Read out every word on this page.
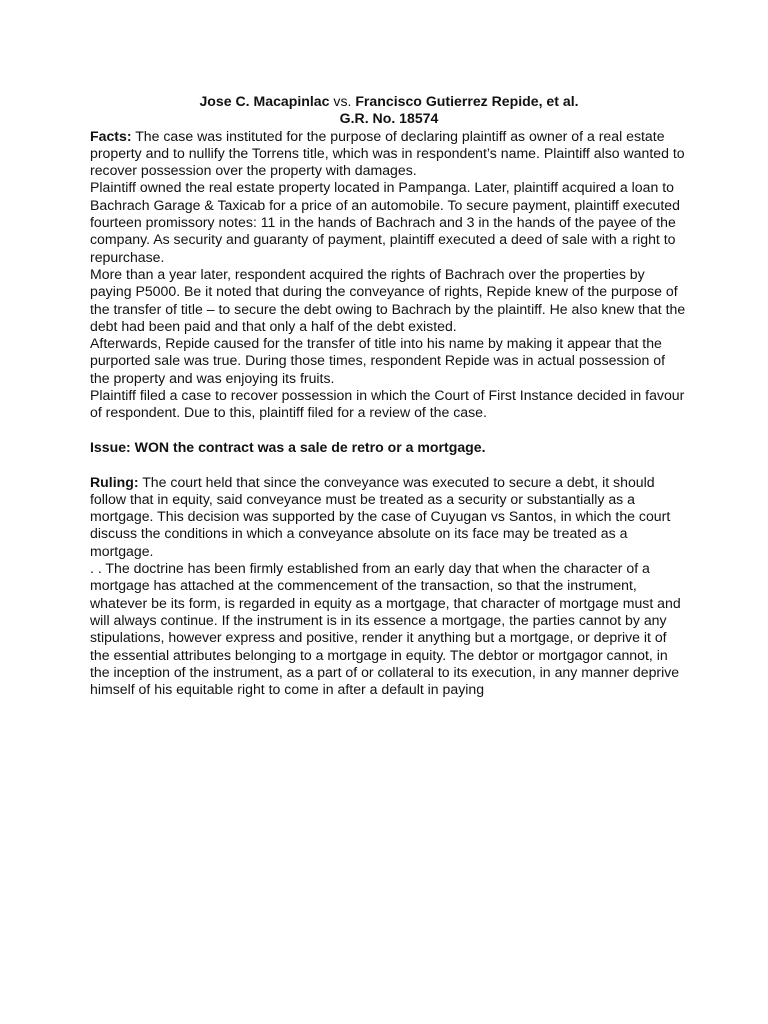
Jose C. Macapinlac vs. Francisco Gutierrez Repide, et al.

G.R. No. 18574

Facts: The case was instituted for the purpose of declaring plaintiff as owner of a real estate property and to nullify the Torrens title, which was in respondent’s name. Plaintiff also wanted to recover possession over the property with damages.

Plaintiff owned the real estate property located in Pampanga. Later, plaintiff acquired a loan to Bachrach Garage & Taxicab for a price of an automobile. To secure payment, plaintiff executed fourteen promissory notes: 11 in the hands of Bachrach and 3 in the hands of the payee of the company. As security and guaranty of payment, plaintiff executed a deed of sale with a right to repurchase.

More than a year later, respondent acquired the rights of Bachrach over the properties by paying P5000. Be it noted that during the conveyance of rights, Repide knew of the purpose of the transfer of title – to secure the debt owing to Bachrach by the plaintiff. He also knew that the debt had been paid and that only a half of the debt existed.

Afterwards, Repide caused for the transfer of title into his name by making it appear that the purported sale was true. During those times, respondent Repide was in actual possession of the property and was enjoying its fruits.

Plaintiff filed a case to recover possession in which the Court of First Instance decided in favour of respondent. Due to this, plaintiff filed for a review of the case.

Issue: WON the contract was a sale de retro or a mortgage.

Ruling: The court held that since the conveyance was executed to secure a debt, it should follow that in equity, said conveyance must be treated as a security or substantially as a mortgage. This decision was supported by the case of Cuyugan vs Santos, in which the court discuss the conditions in which a conveyance absolute on its face may be treated as a mortgage.

. . The doctrine has been firmly established from an early day that when the character of a mortgage has attached at the commencement of the transaction, so that the instrument, whatever be its form, is regarded in equity as a mortgage, that character of mortgage must and will always continue. If the instrument is in its essence a mortgage, the parties cannot by any stipulations, however express and positive, render it anything but a mortgage, or deprive it of the essential attributes belonging to a mortgage in equity. The debtor or mortgagor cannot, in the inception of the instrument, as a part of or collateral to its execution, in any manner deprive himself of his equitable right to come in after a default in paying
